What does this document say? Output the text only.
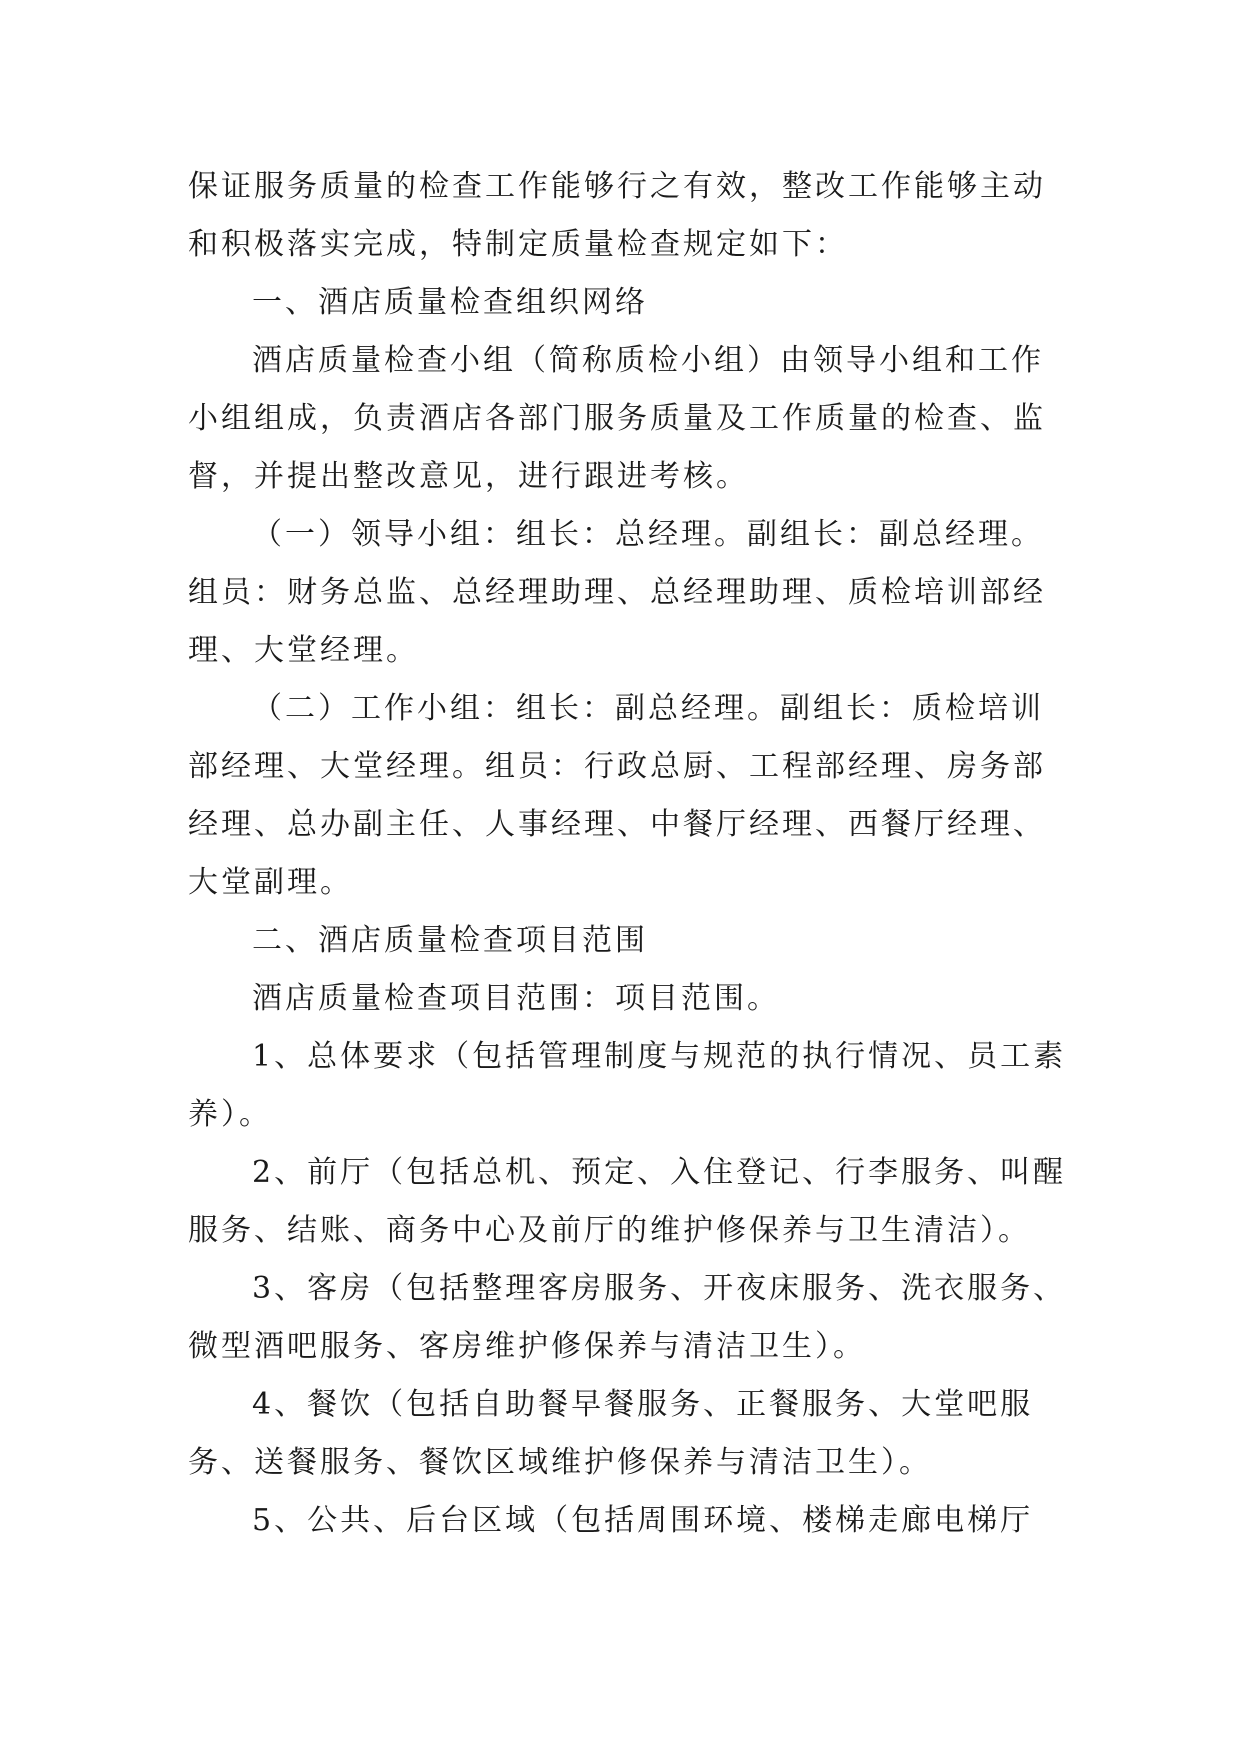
保证服务质量的检查工作能够行之有效，整改工作能够主动和积极落实完成，特制定质量检查规定如下：

一、酒店质量检查组织网络

酒店质量检查小组（简称质检小组）由领导小组和工作小组组成，负责酒店各部门服务质量及工作质量的检查、监督，并提出整改意见，进行跟进考核。

（一）领导小组：组长：总经理。副组长：副总经理。组员：财务总监、总经理助理、总经理助理、质检培训部经理、大堂经理。

（二）工作小组：组长：副总经理。副组长：质检培训部经理、大堂经理。组员：行政总厨、工程部经理、房务部经理、总办副主任、人事经理、中餐厅经理、西餐厅经理、大堂副理。

二、酒店质量检查项目范围

酒店质量检查项目范围：项目范围。

1、总体要求（包括管理制度与规范的执行情况、员工素养）。

2、前厅（包括总机、预定、入住登记、行李服务、叫醒服务、结账、商务中心及前厅的维护修保养与卫生清洁）。

3、客房（包括整理客房服务、开夜床服务、洗衣服务、微型酒吧服务、客房维护修保养与清洁卫生）。

4、餐饮（包括自助餐早餐服务、正餐服务、大堂吧服务、送餐服务、餐饮区域维护修保养与清洁卫生）。

5、公共、后台区域（包括周围环境、楼梯走廊电梯厅
